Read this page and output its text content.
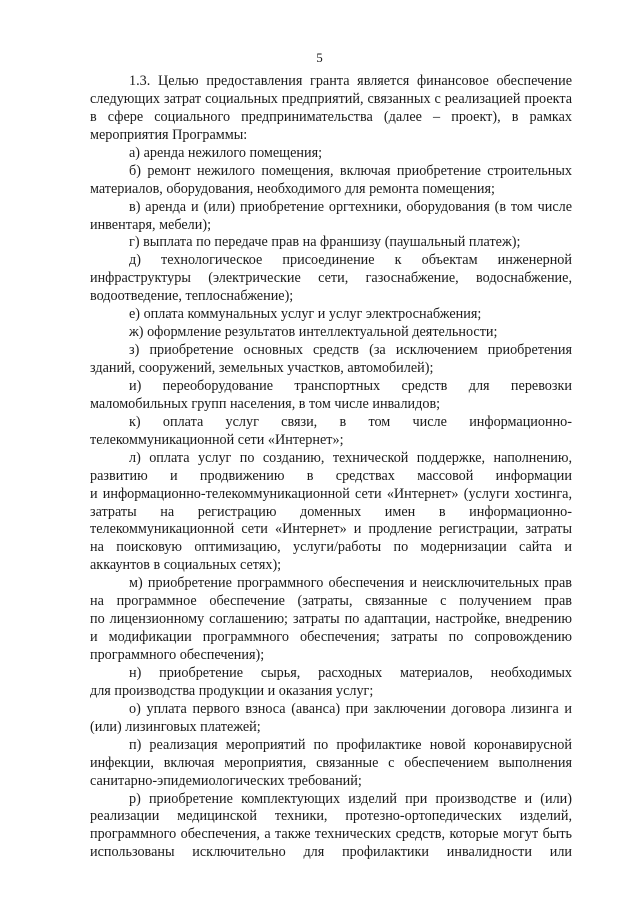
5
1.3. Целью предоставления гранта является финансовое обеспечение
следующих затрат социальных предприятий, связанных с реализацией проекта
в сфере социального предпринимательства (далее – проект), в рамках
мероприятия Программы:
а) аренда нежилого помещения;
б) ремонт нежилого помещения, включая приобретение строительных
материалов, оборудования, необходимого для ремонта помещения;
в) аренда и (или) приобретение оргтехники, оборудования (в том числе
инвентаря, мебели);
г) выплата по передаче прав на франшизу (паушальный платеж);
д) технологическое присоединение к объектам инженерной
инфраструктуры (электрические сети, газоснабжение, водоснабжение,
водоотведение, теплоснабжение);
е) оплата коммунальных услуг и услуг электроснабжения;
ж) оформление результатов интеллектуальной деятельности;
з) приобретение основных средств (за исключением приобретения
зданий, сооружений, земельных участков, автомобилей);
и) переоборудование транспортных средств для перевозки
маломобильных групп населения, в том числе инвалидов;
к) оплата услуг связи, в том числе информационно-
телекоммуникационной сети «Интернет»;
л) оплата услуг по созданию, технической поддержке, наполнению,
развитию и продвижению в средствах массовой информации
и информационно-телекоммуникационной сети «Интернет» (услуги хостинга,
затраты на регистрацию доменных имен в информационно-
телекоммуникационной сети «Интернет» и продление регистрации, затраты
на поисковую оптимизацию, услуги/работы по модернизации сайта и
аккаунтов в социальных сетях);
м) приобретение программного обеспечения и неисключительных прав
на программное обеспечение (затраты, связанные с получением прав
по лицензионному соглашению; затраты по адаптации, настройке, внедрению
и модификации программного обеспечения; затраты по сопровождению
программного обеспечения);
н) приобретение сырья, расходных материалов, необходимых
для производства продукции и оказания услуг;
о) уплата первого взноса (аванса) при заключении договора лизинга и
(или) лизинговых платежей;
п) реализация мероприятий по профилактике новой коронавирусной
инфекции, включая мероприятия, связанные с обеспечением выполнения
санитарно-эпидемиологических требований;
р) приобретение комплектующих изделий при производстве и (или)
реализации медицинской техники, протезно-ортопедических изделий,
программного обеспечения, а также технических средств, которые могут быть
использованы исключительно для профилактики инвалидности или
